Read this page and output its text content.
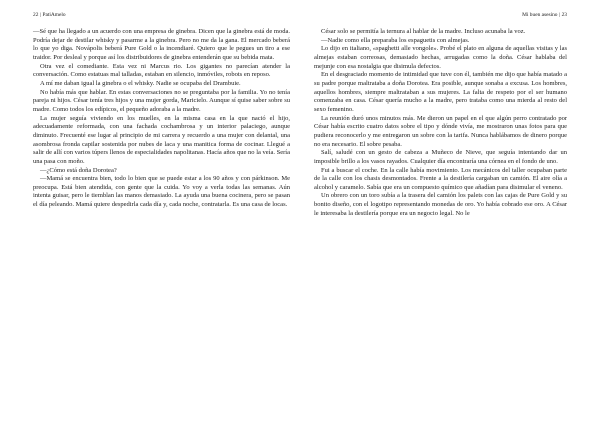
22 | PatiAmelo

—Sé que ha llegado a un acuerdo con una empresa de ginebra. Dicen que la ginebra está de moda. Podría dejar de destilar whisky y pasarme a la ginebra. Pero no me da la gana. El mercado beberá lo que yo diga. Novápolis beberá Pure Gold o la incendiaré. Quiero que le pegues un tiro a ese traidor. Por desleal y porque así los distribuidores de ginebra entenderán que su bebida mata.

Otra vez el comediante. Esta vez ni Marcus rio. Los gigantes no parecían atender la conversación. Como estatuas mal talladas, estaban en silencio, inmóviles, robots en reposo.

A mí me daban igual la ginebra o el whisky. Nadie se ocupaba del Drambuie.

No había más que hablar. En estas conversaciones no se preguntaba por la familia. Yo no tenía pareja ni hijos. César tenía tres hijos y una mujer gorda, Maricielo. Aunque sí quise saber sobre su madre. Como todos los edípicos, el pequeño adoraba a la madre.

La mujer seguía viviendo en los muelles, en la misma casa en la que nació el hijo, adecuadamente reformada, con una fachada cochambrosa y un interior palaciego, aunque diminuto. Frecuenté ese lugar al principio de mi carrera y recuerdo a una mujer con delantal, una asombrosa fronda capilar sostenida por nubes de laca y una manitica forma de cocinar. Llegué a salir de allí con varios túpers llenos de especialidades napolitanas. Hacía años que no la veía. Sería una pasa con moño.

—¿Cómo está doña Dorotea?

—Mamá se encuentra bien, todo lo bien que se puede estar a los 90 años y con párkinson. Me preocupa. Está bien atendida, con gente que la cuida. Yo voy a verla todas las semanas. Aún intenta guisar, pero le tiemblan las manos demasiado. La ayuda una buena cocinera, pero se pasan el día peleando. Mamá quiere despedirla cada día y, cada noche, contratarla. Es una casa de locas.

Mi buen asesino | 23

César solo se permitía la ternura al hablar de la madre. Incluso acunaba la voz.

—Nadie como ella preparaba los espaguetis con almejas.

Lo dijo en italiano, «spaghetti alle vongole». Probé el plato en alguna de aquellas visitas y las almejas estaban correosas, demasiado hechas, arrugadas como la doña. César hablaba del mejunje con esa nostalgia que disimula defectos.

En el desgraciado momento de intimidad que tuve con él, también me dijo que había matado a su padre porque maltrataba a doña Dorotea. Era posible, aunque sonaba a excusa. Los hombres, aquellos hombres, siempre maltrataban a sus mujeres. La falta de respeto por el ser humano comenzaba en casa. César quería mucho a la madre, pero trataba como una mierda al resto del sexo femenino.

La reunión duró unos minutos más. Me dieron un papel en el que algún perro contratado por César había escrito cuatro datos sobre el tipo y dónde vivía, me mostraron unas fotos para que pudiera reconocerlo y me entregaron un sobre con la tarifa. Nunca hablábamos de dinero porque no era necesario. El sobre pesaba.

Salí, saludé con un gesto de cabeza a Muñeco de Nieve, que seguía intentando dar un imposible brillo a los vasos rayados. Cualquier día encontraría una córnea en el fondo de uno.

Fui a buscar el coche. En la calle había movimiento. Los mecánicos del taller ocupaban parte de la calle con los chasis desmontados. Frente a la destilería cargaban un camión. El aire olía a alcohol y caramelo. Sabía que era un compuesto químico que añadían para disimular el veneno.

Un obrero con un toro subía a la trasera del camión los palets con las cajas de Pure Gold y su bonito diseño, con el logotipo representando monedas de oro. Yo había cobrado ese oro. A César le interesaba la destilería porque era un negocio legal. No le
